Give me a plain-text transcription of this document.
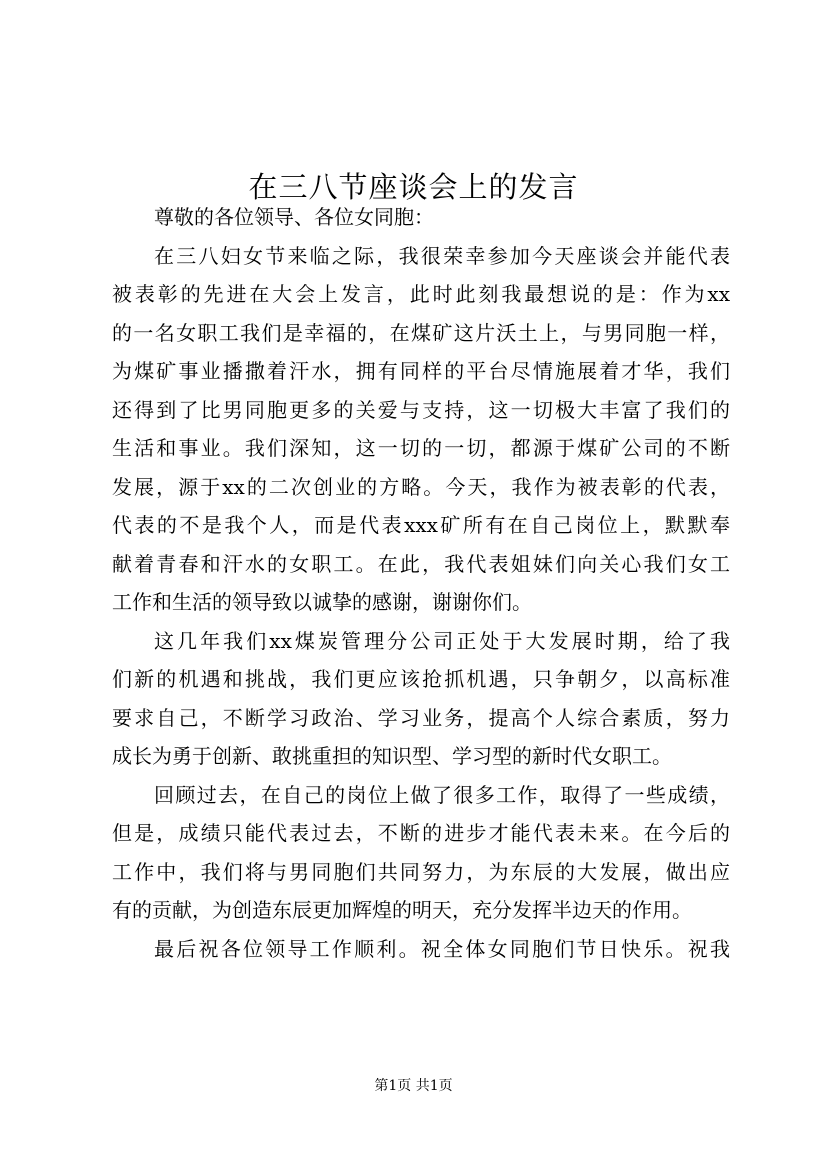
在三八节座谈会上的发言
尊敬的各位领导、各位女同胞：
在三八妇女节来临之际，我很荣幸参加今天座谈会并能代表
被表彰的先进在大会上发言，此时此刻我最想说的是：作为xx
的一名女职工我们是幸福的，在煤矿这片沃土上，与男同胞一样，
为煤矿事业播撒着汗水，拥有同样的平台尽情施展着才华，我们
还得到了比男同胞更多的关爱与支持，这一切极大丰富了我们的
生活和事业。我们深知，这一切的一切，都源于煤矿公司的不断
发展，源于xx的二次创业的方略。今天，我作为被表彰的代表，
代表的不是我个人，而是代表xxx矿所有在自己岗位上，默默奉
献着青春和汗水的女职工。在此，我代表姐妹们向关心我们女工
工作和生活的领导致以诚挚的感谢，谢谢你们。
这几年我们xx煤炭管理分公司正处于大发展时期，给了我
们新的机遇和挑战，我们更应该抢抓机遇，只争朝夕，以高标准
要求自己，不断学习政治、学习业务，提高个人综合素质，努力
成长为勇于创新、敢挑重担的知识型、学习型的新时代女职工。
回顾过去，在自己的岗位上做了很多工作，取得了一些成绩，
但是，成绩只能代表过去，不断的进步才能代表未来。在今后的
工作中，我们将与男同胞们共同努力，为东辰的大发展，做出应
有的贡献，为创造东辰更加辉煌的明天，充分发挥半边天的作用。
最后祝各位领导工作顺利。祝全体女同胞们节日快乐。祝我
第1页 共1页
